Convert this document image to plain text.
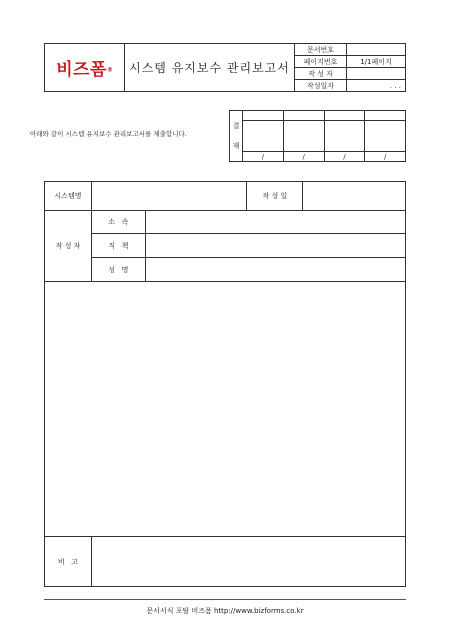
비즈폼®	시스템 유지보수 관리보고서	문서번호	
		페이지번호	1/1페이지
		작 성 자	
		작성일자	. . .
아래와 같이 시스템 유지보수 관리보고서를 제출합니다.
결
재				

	/	/	/	/
시스템명			작 성 일	
작 성 자	소   속			
	직   책			
	성   명			

비   고				
문서서식 포탈 비즈폼 http://www.bizforms.co.kr
